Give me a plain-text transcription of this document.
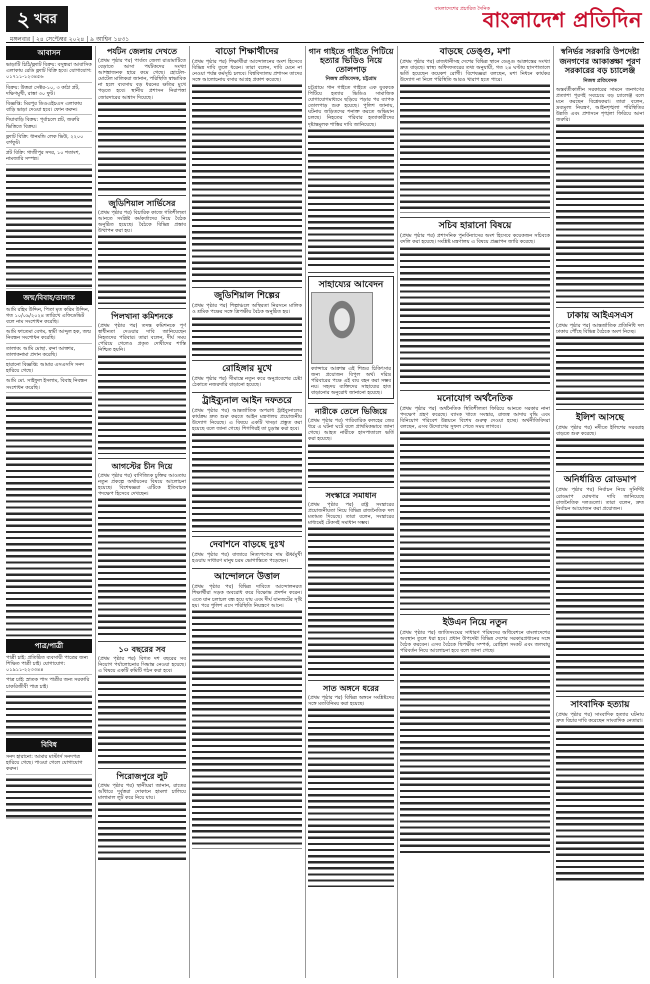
২ খবর
মঙ্গলবার | ২৪ সেপ্টেম্বর ২০২৪ | ৯ আশ্বিন ১৪৩১
বাংলাদেশের প্রচারিত দৈনিক
বাংলাদেশ প্রতিদিন
আবাসন
ভাড়াটি চিঠি/ফ্ল্যাট বিক্রয়: বসুন্ধরা আবাসিক এলাকায় রেডি ফ্ল্যাট বিক্রি হবে। যোগাযোগ: ০১৭১১-১২৩৪৫৬
বিক্রয়: উত্তরা সেক্টর-১০, ৩ কাঠা প্লট, দক্ষিণমুখী, রাস্তা ৩০ ফুট।
বিজ্ঞপ্তি: মিরপুর ডিওএইচএস এলাকায় বাড়ি ভাড়া দেওয়া হবে। ফোন করুন।
দিয়াবাড়ি বিক্রয়: পূর্বাচলে প্লট, জরুরি ভিত্তিতে বিক্রয়।
ফ্ল্যাট বিক্রি: ধানমন্ডি লেক ভিউ, ২২০০ বর্গফুট।
প্লট বিক্রি: গাজীপুর সদর, ১০ শতাংশ, নামজারি সম্পন্ন।
জন্ম/বিবাহ/তালাক
আমি রহিম উদ্দিন, পিতা মৃত করিম উদ্দিন, গত ১০/০৯/২০২৪ তারিখে এফিডেভিট বলে নাম সংশোধন করেছি।
আমি ফাতেমা বেগম, স্বামী আব্দুল হক, জন্ম নিবন্ধন সংশোধন করেছি।
তালাক: আমি মোছা. রুনা আক্তার, তালাকনামা প্রদান করেছি।
হারানো বিজ্ঞপ্তি: আমার এসএসসি সনদ হারিয়ে গেছে।
আমি মো. সাইফুল ইসলাম, বিবাহ নিবন্ধন সংশোধন করেছি।
পাত্র/পাত্রী
পাত্রী চাই: প্রতিষ্ঠিত ব্যবসায়ী পাত্রের জন্য শিক্ষিত পাত্রী চাই। যোগাযোগ: ০১৯১১-২২৩৩৪৪
পাত্র চাই: স্নাতক পাস পাত্রীর জন্য সরকারি চাকরিজীবী পাত্র চাই।
বিবিধ
সনদ হারানো: আমার মাস্টার্স সনদপত্র হারিয়ে গেছে। পাওয়া গেলে যোগাযোগ করুন।
পর্যটন জেলায় দেখতে
(প্রথম পৃষ্ঠার পর) পার্বত্য জেলা রাঙামাটিতে বেড়াতে আসা পর্যটকদের সংখ্যা আশঙ্কাজনক হারে কমে গেছে। হোটেল-মোটেল মালিকরা জানান, পরিস্থিতি স্বাভাবিক না হলে ব্যবসায় বড় ধরনের ক্ষতির মুখে পড়তে হবে। স্থানীয় প্রশাসন নিরাপত্তা জোরদারের আশ্বাস দিয়েছে।
জুডিশিয়াল সার্ভিসের
(প্রথম পৃষ্ঠার পর) বিচারিক কাজে গতিশীলতা আনতে সংশ্লিষ্ট কর্মকর্তাদের নিয়ে বৈঠক অনুষ্ঠিত হয়েছে। বৈঠকে বিভিন্ন প্রস্তাব উত্থাপন করা হয়।
পিলখানা কমিশনকে
(প্রথম পৃষ্ঠার পর) তদন্ত কমিশনকে পূর্ণ স্বাধীনতা দেওয়ার দাবি জানিয়েছেন নিহতদের পরিবার। তারা বলেন, দীর্ঘ সময় পেরিয়ে গেলেও প্রকৃত দোষীদের শাস্তি নিশ্চিত হয়নি।
আগস্টের চীন দিয়ে
(প্রথম পৃষ্ঠার পর) বাণিজ্যিক চুক্তির আওতায় নতুন প্রকল্পে অর্থায়নের বিষয়ে আলোচনা হয়েছে। বিশেষজ্ঞরা এটিকে ইতিবাচক পদক্ষেপ হিসেবে দেখছেন।
১০ বছরের সব
(প্রথম পৃষ্ঠার পর) বিগত দশ বছরের সব নিয়োগ পর্যালোচনার সিদ্ধান্ত নেওয়া হয়েছে। এ বিষয়ে একটি কমিটি গঠন করা হবে।
পিরোজপুরে লুট
(প্রথম পৃষ্ঠার পর) স্থানীয়রা জানান, রাতের আঁধারে দুর্বৃত্তরা দোকানে হামলা চালিয়ে মালামাল লুট করে নিয়ে যায়।
বাড়ো শিক্ষার্থীদের
(প্রথম পৃষ্ঠার পর) শিক্ষার্থীরা আন্দোলনের অংশ হিসেবে বিভিন্ন দাবি তুলে ধরেন। তারা বলেন, দাবি মেনে না নেওয়া পর্যন্ত কর্মসূচি চলবে। বিশ্ববিদ্যালয় প্রশাসন তাদের সঙ্গে আলোচনায় বসার আগ্রহ প্রকাশ করেছে।
জুডিশিয়াল শিল্পের
(প্রথম পৃষ্ঠার পর) শিল্পাঞ্চলে অস্থিরতা নিরসনে মালিক ও শ্রমিক পক্ষের সঙ্গে ত্রিপক্ষীয় বৈঠক অনুষ্ঠিত হয়।
রোহিঙ্গার মুখে
(প্রথম পৃষ্ঠার পর) সীমান্তে নতুন করে অনুপ্রবেশের চেষ্টা ঠেকাতে নজরদারি বাড়ানো হয়েছে।
ট্রাইব্যুনাল আইন দফতরে
(প্রথম পৃষ্ঠার পর) আন্তর্জাতিক অপরাধ ট্রাইব্যুনালের কার্যক্রম দ্রুত শুরু করতে আইন মন্ত্রণালয় প্রয়োজনীয় উদ্যোগ নিয়েছে। এ বিষয়ে একটি খসড়া প্রস্তুত করা হয়েছে বলে জানা গেছে। শিগগিরই তা চূড়ান্ত করা হবে।
দেবাশনে বাড়ছে দুঃখ
(প্রথম পৃষ্ঠার পর) বাজারে নিত্যপণ্যের দাম ঊর্ধ্বমুখী হওয়ায় সাধারণ মানুষ চরম ভোগান্তিতে পড়েছেন।
আন্দোলনে উত্তাল
(প্রথম পৃষ্ঠার পর) বিভিন্ন দাবিতে আন্দোলনরত শিক্ষার্থীরা সড়ক অবরোধ করে বিক্ষোভ প্রদর্শন করেন। এতে যান চলাচল বন্ধ হয়ে যায় এবং দীর্ঘ যানজটের সৃষ্টি হয়। পরে পুলিশ এসে পরিস্থিতি নিয়ন্ত্রণে আনে।
গান গাইতে গাইতে পিটিয়ে হত্যার ভিডিও নিয়ে তোলপাড়
নিজস্ব প্রতিবেদক, চট্টগ্রাম
চট্টগ্রামে গান গাইতে গাইতে এক যুবককে পিটিয়ে হত্যার ভিডিও সামাজিক যোগাযোগমাধ্যমে ছড়িয়ে পড়ার পর ব্যাপক তোলপাড় শুরু হয়েছে। পুলিশ জানায়, ঘটনায় জড়িতদের শনাক্ত করতে অভিযান চলছে। নিহতের পরিবার হত্যাকারীদের দৃষ্টান্তমূলক শাস্তির দাবি জানিয়েছে।
সাহায্যের আবেদন
ক্যান্সারে আক্রান্ত এই শিশুর চিকিৎসার জন্য প্রয়োজন বিপুল অর্থ। দরিদ্র পরিবারের পক্ষে এই ব্যয় বহন করা সম্ভব নয়। সহৃদয় ব্যক্তিদের সাহায্যের হাত বাড়ানোর অনুরোধ জানানো হয়েছে।
নারীকে তেলে ভিজিয়ে
(প্রথম পৃষ্ঠার পর) পারিবারিক কলহের জের ধরে এ ঘটনা ঘটে বলে প্রাথমিকভাবে জানা গেছে। আহত নারীকে হাসপাতালে ভর্তি করা হয়েছে।
সংস্কারে সমাধান
(প্রথম পৃষ্ঠার পর) রাষ্ট্র সংস্কারের প্রয়োজনীয়তা নিয়ে বিভিন্ন রাজনৈতিক দল মতামত দিয়েছে। তারা বলেন, সংস্কারের মাধ্যমেই টেকসই সমাধান সম্ভব।
সাত অঙ্গনে ধরের
(প্রথম পৃষ্ঠার পর) বিভিন্ন অঙ্গনে সংশ্লিষ্টদের সঙ্গে মতবিনিময় করা হয়েছে।
বাড়ছে ডেঙ্গু, মশা
(প্রথম পৃষ্ঠার পর) রাজধানীসহ দেশের বিভিন্ন স্থানে ডেঙ্গু আক্রান্তের সংখ্যা দ্রুত বাড়ছে। স্বাস্থ্য অধিদফতরের তথ্য অনুযায়ী, গত ২৪ ঘণ্টায় হাসপাতালে ভর্তি হয়েছেন কয়েকশ রোগী। বিশেষজ্ঞরা বলছেন, মশা নিধনে কার্যকর উদ্যোগ না নিলে পরিস্থিতি আরও খারাপ হতে পারে।
সচিব হারানো বিষয়ে
(প্রথম পৃষ্ঠার পর) প্রশাসনিক পুনর্বিন্যাসের অংশ হিসেবে কয়েকজন সচিবকে বদলি করা হয়েছে। সংশ্লিষ্ট মন্ত্রণালয় এ বিষয়ে প্রজ্ঞাপন জারি করেছে।
মনোযোগ অর্থনৈতিক
(প্রথম পৃষ্ঠার পর) অর্থনৈতিক স্থিতিশীলতা ফিরিয়ে আনতে সরকার নানা পদক্ষেপ গ্রহণ করেছে। ব্যাংক খাতে সংস্কার, রাজস্ব আদায় বৃদ্ধি এবং বিনিয়োগ পরিবেশ উন্নয়নে বিশেষ গুরুত্ব দেওয়া হচ্ছে। অর্থনীতিবিদরা বলছেন, এসব উদ্যোগের সুফল পেতে সময় লাগবে।
ইউএন নিয়ে নতুন
(প্রথম পৃষ্ঠার পর) জাতিসংঘের সাধারণ পরিষদের অধিবেশনে বাংলাদেশের অবস্থান তুলে ধরা হবে। প্রধান উপদেষ্টা বিভিন্ন দেশের সরকারপ্রধানের সঙ্গে বৈঠক করবেন। এসব বৈঠকে দ্বিপক্ষীয় সম্পর্ক, রোহিঙ্গা সংকট এবং জলবায়ু পরিবর্তন নিয়ে আলোচনা হবে বলে জানা গেছে।
স্বনির্ভর সরকারি উপদেষ্টা জনগণের আকাঙ্ক্ষা পূরণ সরকারের বড় চ্যালেঞ্জ
নিজস্ব প্রতিবেদক
অন্তর্বর্তীকালীন সরকারের সামনে জনগণের প্রত্যাশা পূরণই সবচেয়ে বড় চ্যালেঞ্জ বলে মনে করছেন বিশ্লেষকরা। তারা বলেন, দ্রব্যমূল্য নিয়ন্ত্রণ, আইনশৃঙ্খলা পরিস্থিতির উন্নতি এবং প্রশাসনে শৃঙ্খলা ফিরিয়ে আনা জরুরি।
ঢাকায় আইএসএস
(প্রথম পৃষ্ঠার পর) আন্তর্জাতিক প্রতিনিধি দল ঢাকায় পৌঁছে বিভিন্ন বৈঠকে অংশ নিচ্ছে।
ইলিশ আসছে
(প্রথম পৃষ্ঠার পর) নদীতে ইলিশের সরবরাহ বাড়তে শুরু করেছে।
অনির্ধারিত রোডমাপ
(প্রথম পৃষ্ঠার পর) নির্বাচন নিয়ে সুনির্দিষ্ট রোডমাপ ঘোষণার দাবি জানিয়েছে রাজনৈতিক দলগুলো। তারা বলেন, দ্রুত নির্বাচন আয়োজন করা প্রয়োজন।
সাংবাদিক হত্যায়
(প্রথম পৃষ্ঠার পর) সাংবাদিক হত্যার ঘটনায় দ্রুত বিচার দাবি করেছেন সাংবাদিক নেতারা।
